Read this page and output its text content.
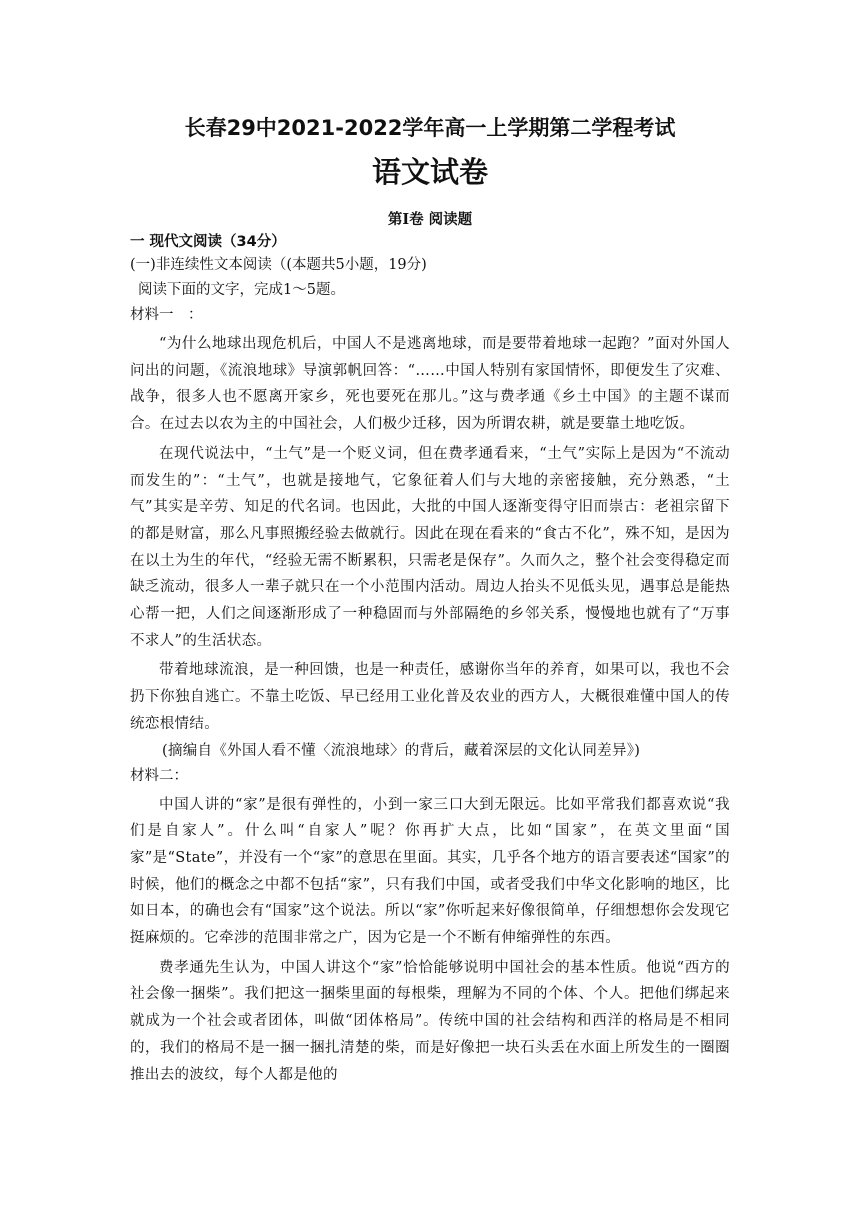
长春29中2021-2022学年高一上学期第二学程考试
语文试卷
第Ⅰ卷 阅读题
一 现代文阅读（34分）
(一)非连续性文本阅读（(本题共5小题，19分)
阅读下面的文字，完成1～5题。
材料一　：

“为什么地球出现危机后，中国人不是逃离地球，而是要带着地球一起跑？”面对外国人问出的问题，《流浪地球》导演郭帆回答：“……中国人特别有家国情怀，即便发生了灾难、战争，很多人也不愿离开家乡，死也要死在那儿。”这与费孝通《乡土中国》的主题不谋而合。在过去以农为主的中国社会，人们极少迁移，因为所谓农耕，就是要靠土地吃饭。

在现代说法中，“土气”是一个贬义词，但在费孝通看来，“土气”实际上是因为“不流动而发生的”：“土气”，也就是接地气，它象征着人们与大地的亲密接触，充分熟悉，“土气”其实是辛劳、知足的代名词。也因此，大批的中国人逐渐变得守旧而崇古：老祖宗留下的都是财富，那么凡事照搬经验去做就行。因此在现在看来的“食古不化”，殊不知，是因为在以土为生的年代，“经验无需不断累积，只需老是保存”。久而久之，整个社会变得稳定而缺乏流动，很多人一辈子就只在一个小范围内活动。周边人抬头不见低头见，遇事总是能热心帮一把，人们之间逐渐形成了一种稳固而与外部隔绝的乡邻关系，慢慢地也就有了“万事不求人”的生活状态。

带着地球流浪，是一种回馈，也是一种责任，感谢你当年的养育，如果可以，我也不会扔下你独自逃亡。不靠土吃饭、早已经用工业化普及农业的西方人，大概很难懂中国人的传统恋根情结。

(摘编自《外国人看不懂〈流浪地球〉的背后，藏着深层的文化认同差异》)
材料二：

中国人讲的“家”是很有弹性的，小到一家三口大到无限远。比如平常我们都喜欢说“我们是自家人”。什么叫“自家人”呢？你再扩大点，比如“国家”，在英文里面“国家”是“State”，并没有一个“家”的意思在里面。其实，几乎各个地方的语言要表述“国家”的时候，他们的概念之中都不包括“家”，只有我们中国，或者受我们中华文化影响的地区，比如日本，的确也会有“国家”这个说法。所以“家”你听起来好像很简单，仔细想想你会发现它挺麻烦的。它牵涉的范围非常之广，因为它是一个不断有伸缩弹性的东西。

费孝通先生认为，中国人讲这个“家”恰恰能够说明中国社会的基本性质。他说“西方的社会像一捆柴”。我们把这一捆柴里面的每根柴，理解为不同的个体、个人。把他们绑起来就成为一个社会或者团体，叫做“团体格局”。传统中国的社会结构和西洋的格局是不相同的，我们的格局不是一捆一捆扎清楚的柴，而是好像把一块石头丢在水面上所发生的一圈圈推出去的波纹，每个人都是他的
